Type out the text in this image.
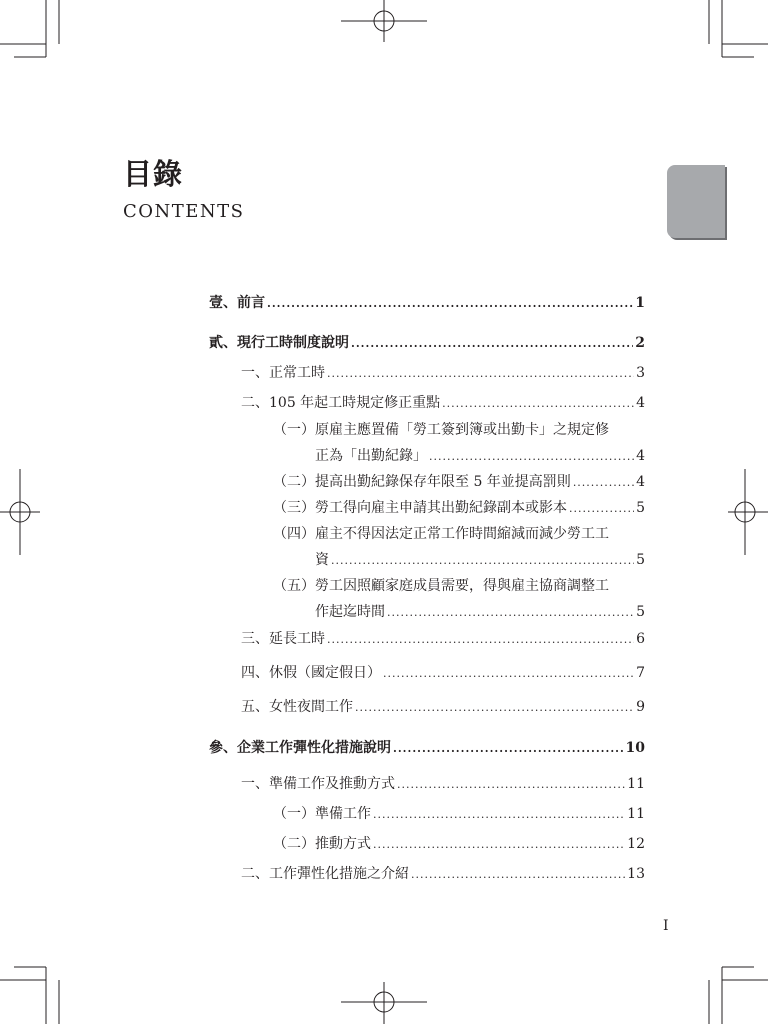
目錄
CONTENTS
壹、前言 .....	1
貳、現行工時制度說明 .....	2
一、正常工時 .....	3
二、105 年起工時規定修正重點 .....	4
（一）原雇主應置備「勞工簽到簿或出勤卡」之規定修
正為「出勤紀錄」 .....	4
（二）提高出勤紀錄保存年限至 5 年並提高罰則 .....	4
（三）勞工得向雇主申請其出勤紀錄副本或影本 .....	5
（四）雇主不得因法定正常工作時間縮減而減少勞工工
資 .....	5
（五）勞工因照顧家庭成員需要，得與雇主協商調整工
作起迄時間 .....	5
三、延長工時 .....	6
四、休假（國定假日） .....	7
五、女性夜間工作 .....	9
參、企業工作彈性化措施說明 .....	10
一、準備工作及推動方式 .....	11
（一）準備工作 .....	11
（二）推動方式 .....	12
二、工作彈性化措施之介紹 .....	13
I
